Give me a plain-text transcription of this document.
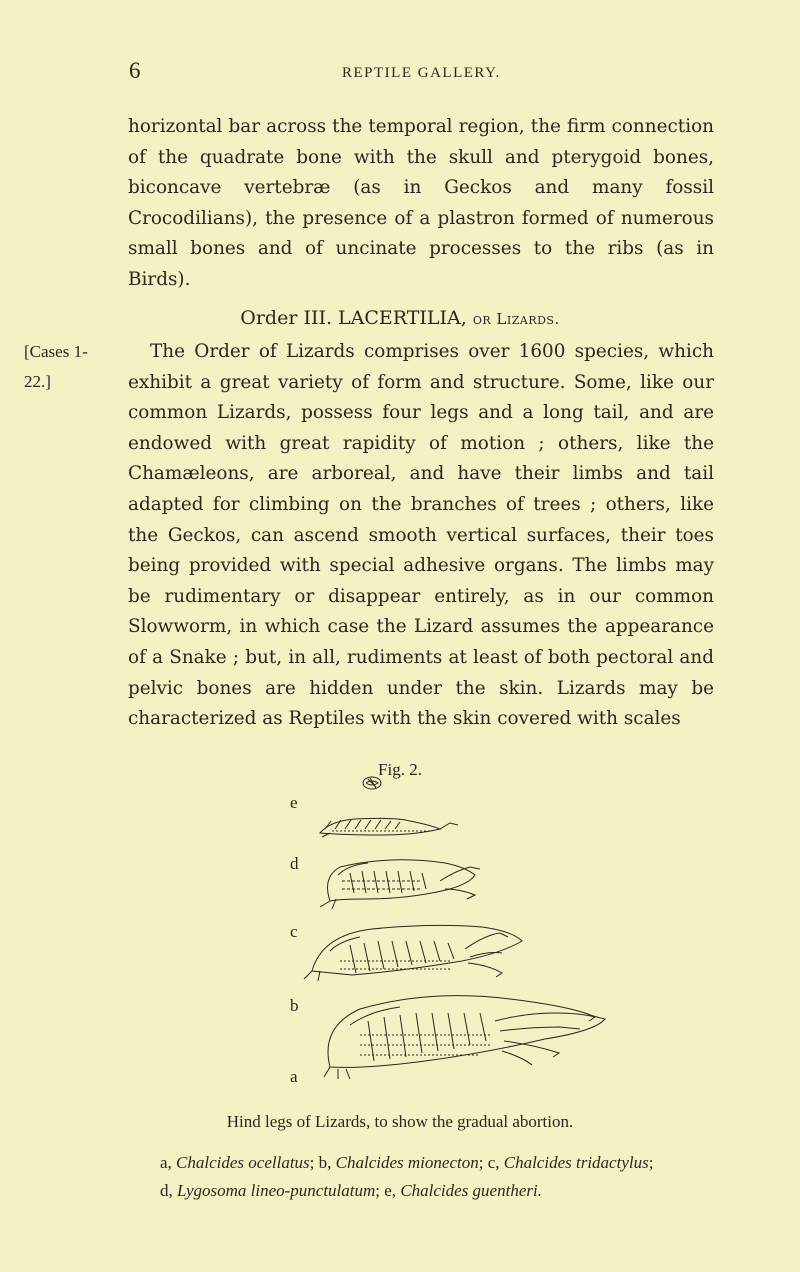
6	REPTILE GALLERY.

horizontal bar across the temporal region, the firm connection of the quadrate bone with the skull and pterygoid bones, biconcave vertebræ (as in Geckos and many fossil Crocodilians), the presence of a plastron formed of numerous small bones and of uncinate processes to the ribs (as in Birds).

Order III. LACERTILIA, or Lizards.
[Cases 1-22.]

The Order of Lizards comprises over 1600 species, which exhibit a great variety of form and structure. Some, like our common Lizards, possess four legs and a long tail, and are endowed with great rapidity of motion ; others, like the Chamæleons, are arboreal, and have their limbs and tail adapted for climbing on the branches of trees ; others, like the Geckos, can ascend smooth vertical surfaces, their toes being provided with special adhesive organs. The limbs may be rudimentary or disappear entirely, as in our common Slowworm, in which case the Lizard assumes the appearance of a Snake ; but, in all, rudiments at least of both pectoral and pelvic bones are hidden under the skin. Lizards may be characterized as Reptiles with the skin covered with scales

Fig. 2.
e
d
c
b
a
Hind legs of Lizards, to show the gradual abortion.
a, Chalcides ocellatus; b, Chalcides mionecton; c, Chalcides tridactylus;
d, Lygosoma lineo-punctulatum; e, Chalcides guentheri.
